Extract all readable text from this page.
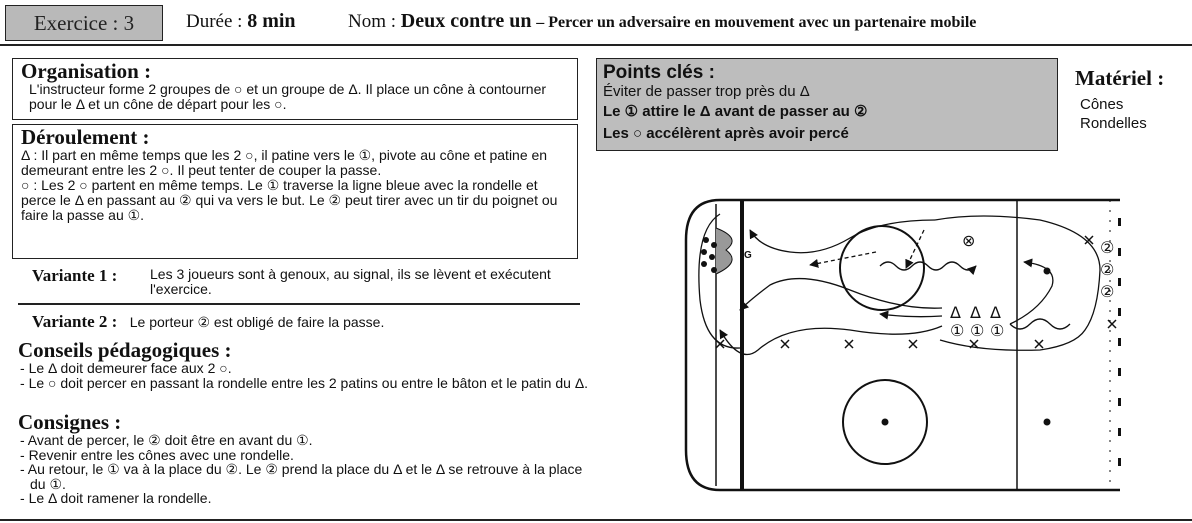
Exercice : 3	Durée : 8 min	Nom : Deux contre un – Percer un adversaire en mouvement avec un partenaire mobile
Organisation :
L'instructeur forme 2 groupes de ○ et un groupe de Δ. Il place un cône à contourner pour le Δ et un cône de départ pour les ○.
Déroulement :
Δ : Il part en même temps que les 2 ○, il patine vers le ①, pivote au cône et patine en demeurant entre les 2 ○. Il peut tenter de couper la passe.
○ : Les 2 ○ partent en même temps. Le ① traverse la ligne bleue avec la rondelle et perce le Δ en passant au ② qui va vers le but. Le ② peut tirer avec un tir du poignet ou faire la passe au ①.
Variante 1 : Les 3 joueurs sont à genoux, au signal, ils se lèvent et exécutent l'exercice.
Variante 2 : Le porteur ② est obligé de faire la passe.
Conseils pédagogiques :
- Le Δ doit demeurer face aux 2 ○.
- Le ○ doit percer en passant la rondelle entre les 2 patins ou entre le bâton et le patin du Δ.
Consignes :
- Avant de percer, le ② doit être en avant du ①.
- Revenir entre les cônes avec une rondelle.
- Au retour, le ① va à la place du ②. Le ② prend la place du Δ et le Δ se retrouve à la place du ①.
- Le Δ doit ramener la rondelle.
Points clés :
Éviter de passer trop près du Δ
Le ① attire le Δ avant de passer au ②
Les ○ accélèrent après avoir percé
Matériel :
Cônes
Rondelles
G
⊗
Δ Δ Δ
① ① ①
②
②
②
